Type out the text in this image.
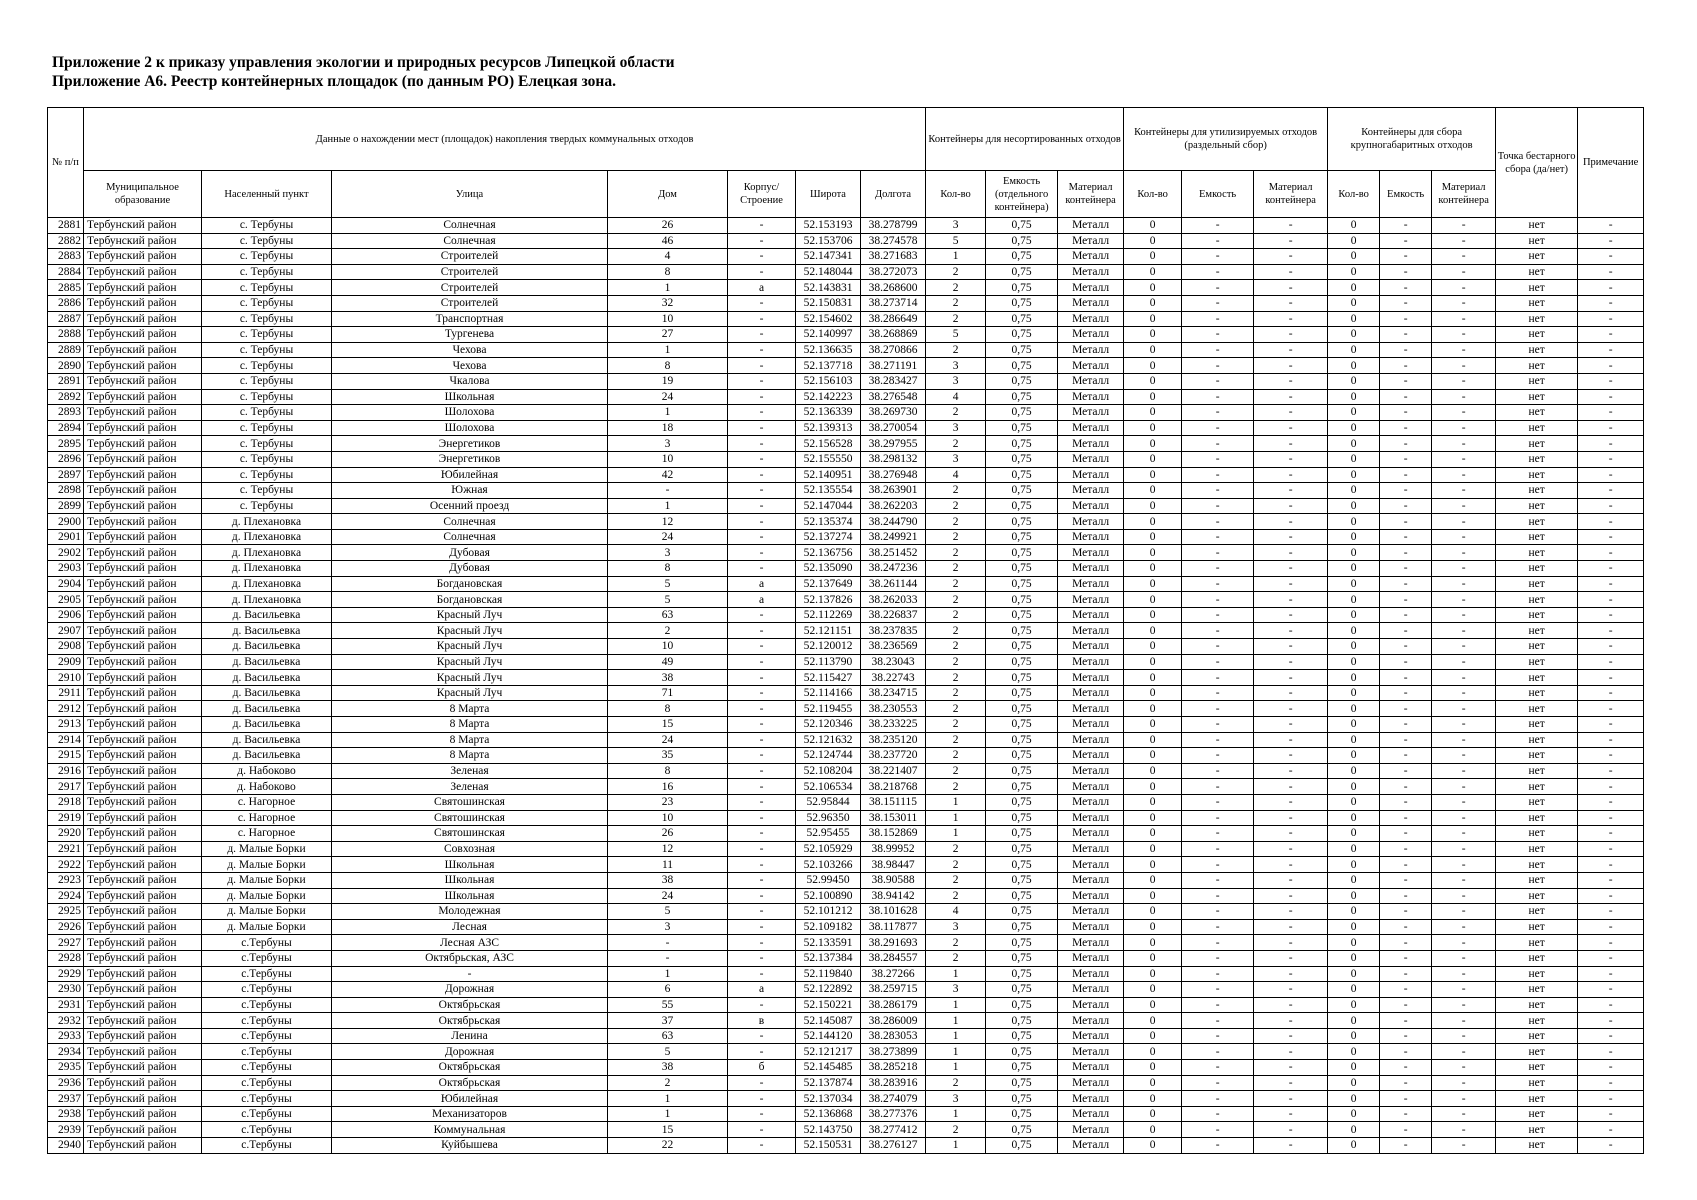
Приложение 2 к приказу управления экологии и природных ресурсов Липецкой области
Приложение А6. Реестр контейнерных площадок (по данным РО) Елецкая зона.
№ п/п	Данные о нахождении мест (площадок) накопления твердых коммунальных отходов							Контейнеры для несортированных отходов			Контейнеры для утилизируемых отходов (раздельный сбор)			Контейнеры для сбора крупногабаритных отходов			Точка бестарного сбора (да/нет)	Примечание
	Муниципальное образование	Населенный пункт	Улица	Дом	Корпус/ Строение	Широта	Долгота	Кол-во	Емкость (отдельного контейнера)	Материал контейнера	Кол-во	Емкость	Материал контейнера	Кол-во	Емкость	Материал контейнера		
2881	Тербунский район	с. Тербуны	Солнечная	26	-	52.153193	38.278799	3	0,75	Металл	0	-	-	0	-	-	нет	-
2882	Тербунский район	с. Тербуны	Солнечная	46	-	52.153706	38.274578	5	0,75	Металл	0	-	-	0	-	-	нет	-
2883	Тербунский район	с. Тербуны	Строителей	4	-	52.147341	38.271683	1	0,75	Металл	0	-	-	0	-	-	нет	-
2884	Тербунский район	с. Тербуны	Строителей	8	-	52.148044	38.272073	2	0,75	Металл	0	-	-	0	-	-	нет	-
2885	Тербунский район	с. Тербуны	Строителей	1	а	52.143831	38.268600	2	0,75	Металл	0	-	-	0	-	-	нет	-
2886	Тербунский район	с. Тербуны	Строителей	32	-	52.150831	38.273714	2	0,75	Металл	0	-	-	0	-	-	нет	-
2887	Тербунский район	с. Тербуны	Транспортная	10	-	52.154602	38.286649	2	0,75	Металл	0	-	-	0	-	-	нет	-
2888	Тербунский район	с. Тербуны	Тургенева	27	-	52.140997	38.268869	5	0,75	Металл	0	-	-	0	-	-	нет	-
2889	Тербунский район	с. Тербуны	Чехова	1	-	52.136635	38.270866	2	0,75	Металл	0	-	-	0	-	-	нет	-
2890	Тербунский район	с. Тербуны	Чехова	8	-	52.137718	38.271191	3	0,75	Металл	0	-	-	0	-	-	нет	-
2891	Тербунский район	с. Тербуны	Чкалова	19	-	52.156103	38.283427	3	0,75	Металл	0	-	-	0	-	-	нет	-
2892	Тербунский район	с. Тербуны	Школьная	24	-	52.142223	38.276548	4	0,75	Металл	0	-	-	0	-	-	нет	-
2893	Тербунский район	с. Тербуны	Шолохова	1	-	52.136339	38.269730	2	0,75	Металл	0	-	-	0	-	-	нет	-
2894	Тербунский район	с. Тербуны	Шолохова	18	-	52.139313	38.270054	3	0,75	Металл	0	-	-	0	-	-	нет	-
2895	Тербунский район	с. Тербуны	Энергетиков	3	-	52.156528	38.297955	2	0,75	Металл	0	-	-	0	-	-	нет	-
2896	Тербунский район	с. Тербуны	Энергетиков	10	-	52.155550	38.298132	3	0,75	Металл	0	-	-	0	-	-	нет	-
2897	Тербунский район	с. Тербуны	Юбилейная	42	-	52.140951	38.276948	4	0,75	Металл	0	-	-	0	-	-	нет	-
2898	Тербунский район	с. Тербуны	Южная	-	-	52.135554	38.263901	2	0,75	Металл	0	-	-	0	-	-	нет	-
2899	Тербунский район	с. Тербуны	Осенний проезд	1	-	52.147044	38.262203	2	0,75	Металл	0	-	-	0	-	-	нет	-
2900	Тербунский район	д. Плехановка	Солнечная	12	-	52.135374	38.244790	2	0,75	Металл	0	-	-	0	-	-	нет	-
2901	Тербунский район	д. Плехановка	Солнечная	24	-	52.137274	38.249921	2	0,75	Металл	0	-	-	0	-	-	нет	-
2902	Тербунский район	д. Плехановка	Дубовая	3	-	52.136756	38.251452	2	0,75	Металл	0	-	-	0	-	-	нет	-
2903	Тербунский район	д. Плехановка	Дубовая	8	-	52.135090	38.247236	2	0,75	Металл	0	-	-	0	-	-	нет	-
2904	Тербунский район	д. Плехановка	Богдановская	5	а	52.137649	38.261144	2	0,75	Металл	0	-	-	0	-	-	нет	-
2905	Тербунский район	д. Плехановка	Богдановская	5	а	52.137826	38.262033	2	0,75	Металл	0	-	-	0	-	-	нет	-
2906	Тербунский район	д. Васильевка	Красный Луч	63	-	52.112269	38.226837	2	0,75	Металл	0	-	-	0	-	-	нет	-
2907	Тербунский район	д. Васильевка	Красный Луч	2	-	52.121151	38.237835	2	0,75	Металл	0	-	-	0	-	-	нет	-
2908	Тербунский район	д. Васильевка	Красный Луч	10	-	52.120012	38.236569	2	0,75	Металл	0	-	-	0	-	-	нет	-
2909	Тербунский район	д. Васильевка	Красный Луч	49	-	52.113790	38.23043	2	0,75	Металл	0	-	-	0	-	-	нет	-
2910	Тербунский район	д. Васильевка	Красный Луч	38	-	52.115427	38.22743	2	0,75	Металл	0	-	-	0	-	-	нет	-
2911	Тербунский район	д. Васильевка	Красный Луч	71	-	52.114166	38.234715	2	0,75	Металл	0	-	-	0	-	-	нет	-
2912	Тербунский район	д. Васильевка	8 Марта	8	-	52.119455	38.230553	2	0,75	Металл	0	-	-	0	-	-	нет	-
2913	Тербунский район	д. Васильевка	8 Марта	15	-	52.120346	38.233225	2	0,75	Металл	0	-	-	0	-	-	нет	-
2914	Тербунский район	д. Васильевка	8 Марта	24	-	52.121632	38.235120	2	0,75	Металл	0	-	-	0	-	-	нет	-
2915	Тербунский район	д. Васильевка	8 Марта	35	-	52.124744	38.237720	2	0,75	Металл	0	-	-	0	-	-	нет	-
2916	Тербунский район	д. Набоково	Зеленая	8	-	52.108204	38.221407	2	0,75	Металл	0	-	-	0	-	-	нет	-
2917	Тербунский район	д. Набоково	Зеленая	16	-	52.106534	38.218768	2	0,75	Металл	0	-	-	0	-	-	нет	-
2918	Тербунский район	с. Нагорное	Святошинская	23	-	52.95844	38.151115	1	0,75	Металл	0	-	-	0	-	-	нет	-
2919	Тербунский район	с. Нагорное	Святошинская	10	-	52.96350	38.153011	1	0,75	Металл	0	-	-	0	-	-	нет	-
2920	Тербунский район	с. Нагорное	Святошинская	26	-	52.95455	38.152869	1	0,75	Металл	0	-	-	0	-	-	нет	-
2921	Тербунский район	д. Малые Борки	Совхозная	12	-	52.105929	38.99952	2	0,75	Металл	0	-	-	0	-	-	нет	-
2922	Тербунский район	д. Малые Борки	Школьная	11	-	52.103266	38.98447	2	0,75	Металл	0	-	-	0	-	-	нет	-
2923	Тербунский район	д. Малые Борки	Школьная	38	-	52.99450	38.90588	2	0,75	Металл	0	-	-	0	-	-	нет	-
2924	Тербунский район	д. Малые Борки	Школьная	24	-	52.100890	38.94142	2	0,75	Металл	0	-	-	0	-	-	нет	-
2925	Тербунский район	д. Малые Борки	Молодежная	5	-	52.101212	38.101628	4	0,75	Металл	0	-	-	0	-	-	нет	-
2926	Тербунский район	д. Малые Борки	Лесная	3	-	52.109182	38.117877	3	0,75	Металл	0	-	-	0	-	-	нет	-
2927	Тербунский район	с.Тербуны	Лесная АЗС	-	-	52.133591	38.291693	2	0,75	Металл	0	-	-	0	-	-	нет	-
2928	Тербунский район	с.Тербуны	Октябрьская, АЗС	-	-	52.137384	38.284557	2	0,75	Металл	0	-	-	0	-	-	нет	-
2929	Тербунский район	с.Тербуны	-	1	-	52.119840	38.27266	1	0,75	Металл	0	-	-	0	-	-	нет	-
2930	Тербунский район	с.Тербуны	Дорожная	6	а	52.122892	38.259715	3	0,75	Металл	0	-	-	0	-	-	нет	-
2931	Тербунский район	с.Тербуны	Октябрьская	55	-	52.150221	38.286179	1	0,75	Металл	0	-	-	0	-	-	нет	-
2932	Тербунский район	с.Тербуны	Октябрьская	37	в	52.145087	38.286009	1	0,75	Металл	0	-	-	0	-	-	нет	-
2933	Тербунский район	с.Тербуны	Ленина	63	-	52.144120	38.283053	1	0,75	Металл	0	-	-	0	-	-	нет	-
2934	Тербунский район	с.Тербуны	Дорожная	5	-	52.121217	38.273899	1	0,75	Металл	0	-	-	0	-	-	нет	-
2935	Тербунский район	с.Тербуны	Октябрьская	38	б	52.145485	38.285218	1	0,75	Металл	0	-	-	0	-	-	нет	-
2936	Тербунский район	с.Тербуны	Октябрьская	2	-	52.137874	38.283916	2	0,75	Металл	0	-	-	0	-	-	нет	-
2937	Тербунский район	с.Тербуны	Юбилейная	1	-	52.137034	38.274079	3	0,75	Металл	0	-	-	0	-	-	нет	-
2938	Тербунский район	с.Тербуны	Механизаторов	1	-	52.136868	38.277376	1	0,75	Металл	0	-	-	0	-	-	нет	-
2939	Тербунский район	с.Тербуны	Коммунальная	15	-	52.143750	38.277412	2	0,75	Металл	0	-	-	0	-	-	нет	-
2940	Тербунский район	с.Тербуны	Куйбышева	22	-	52.150531	38.276127	1	0,75	Металл	0	-	-	0	-	-	нет	-
